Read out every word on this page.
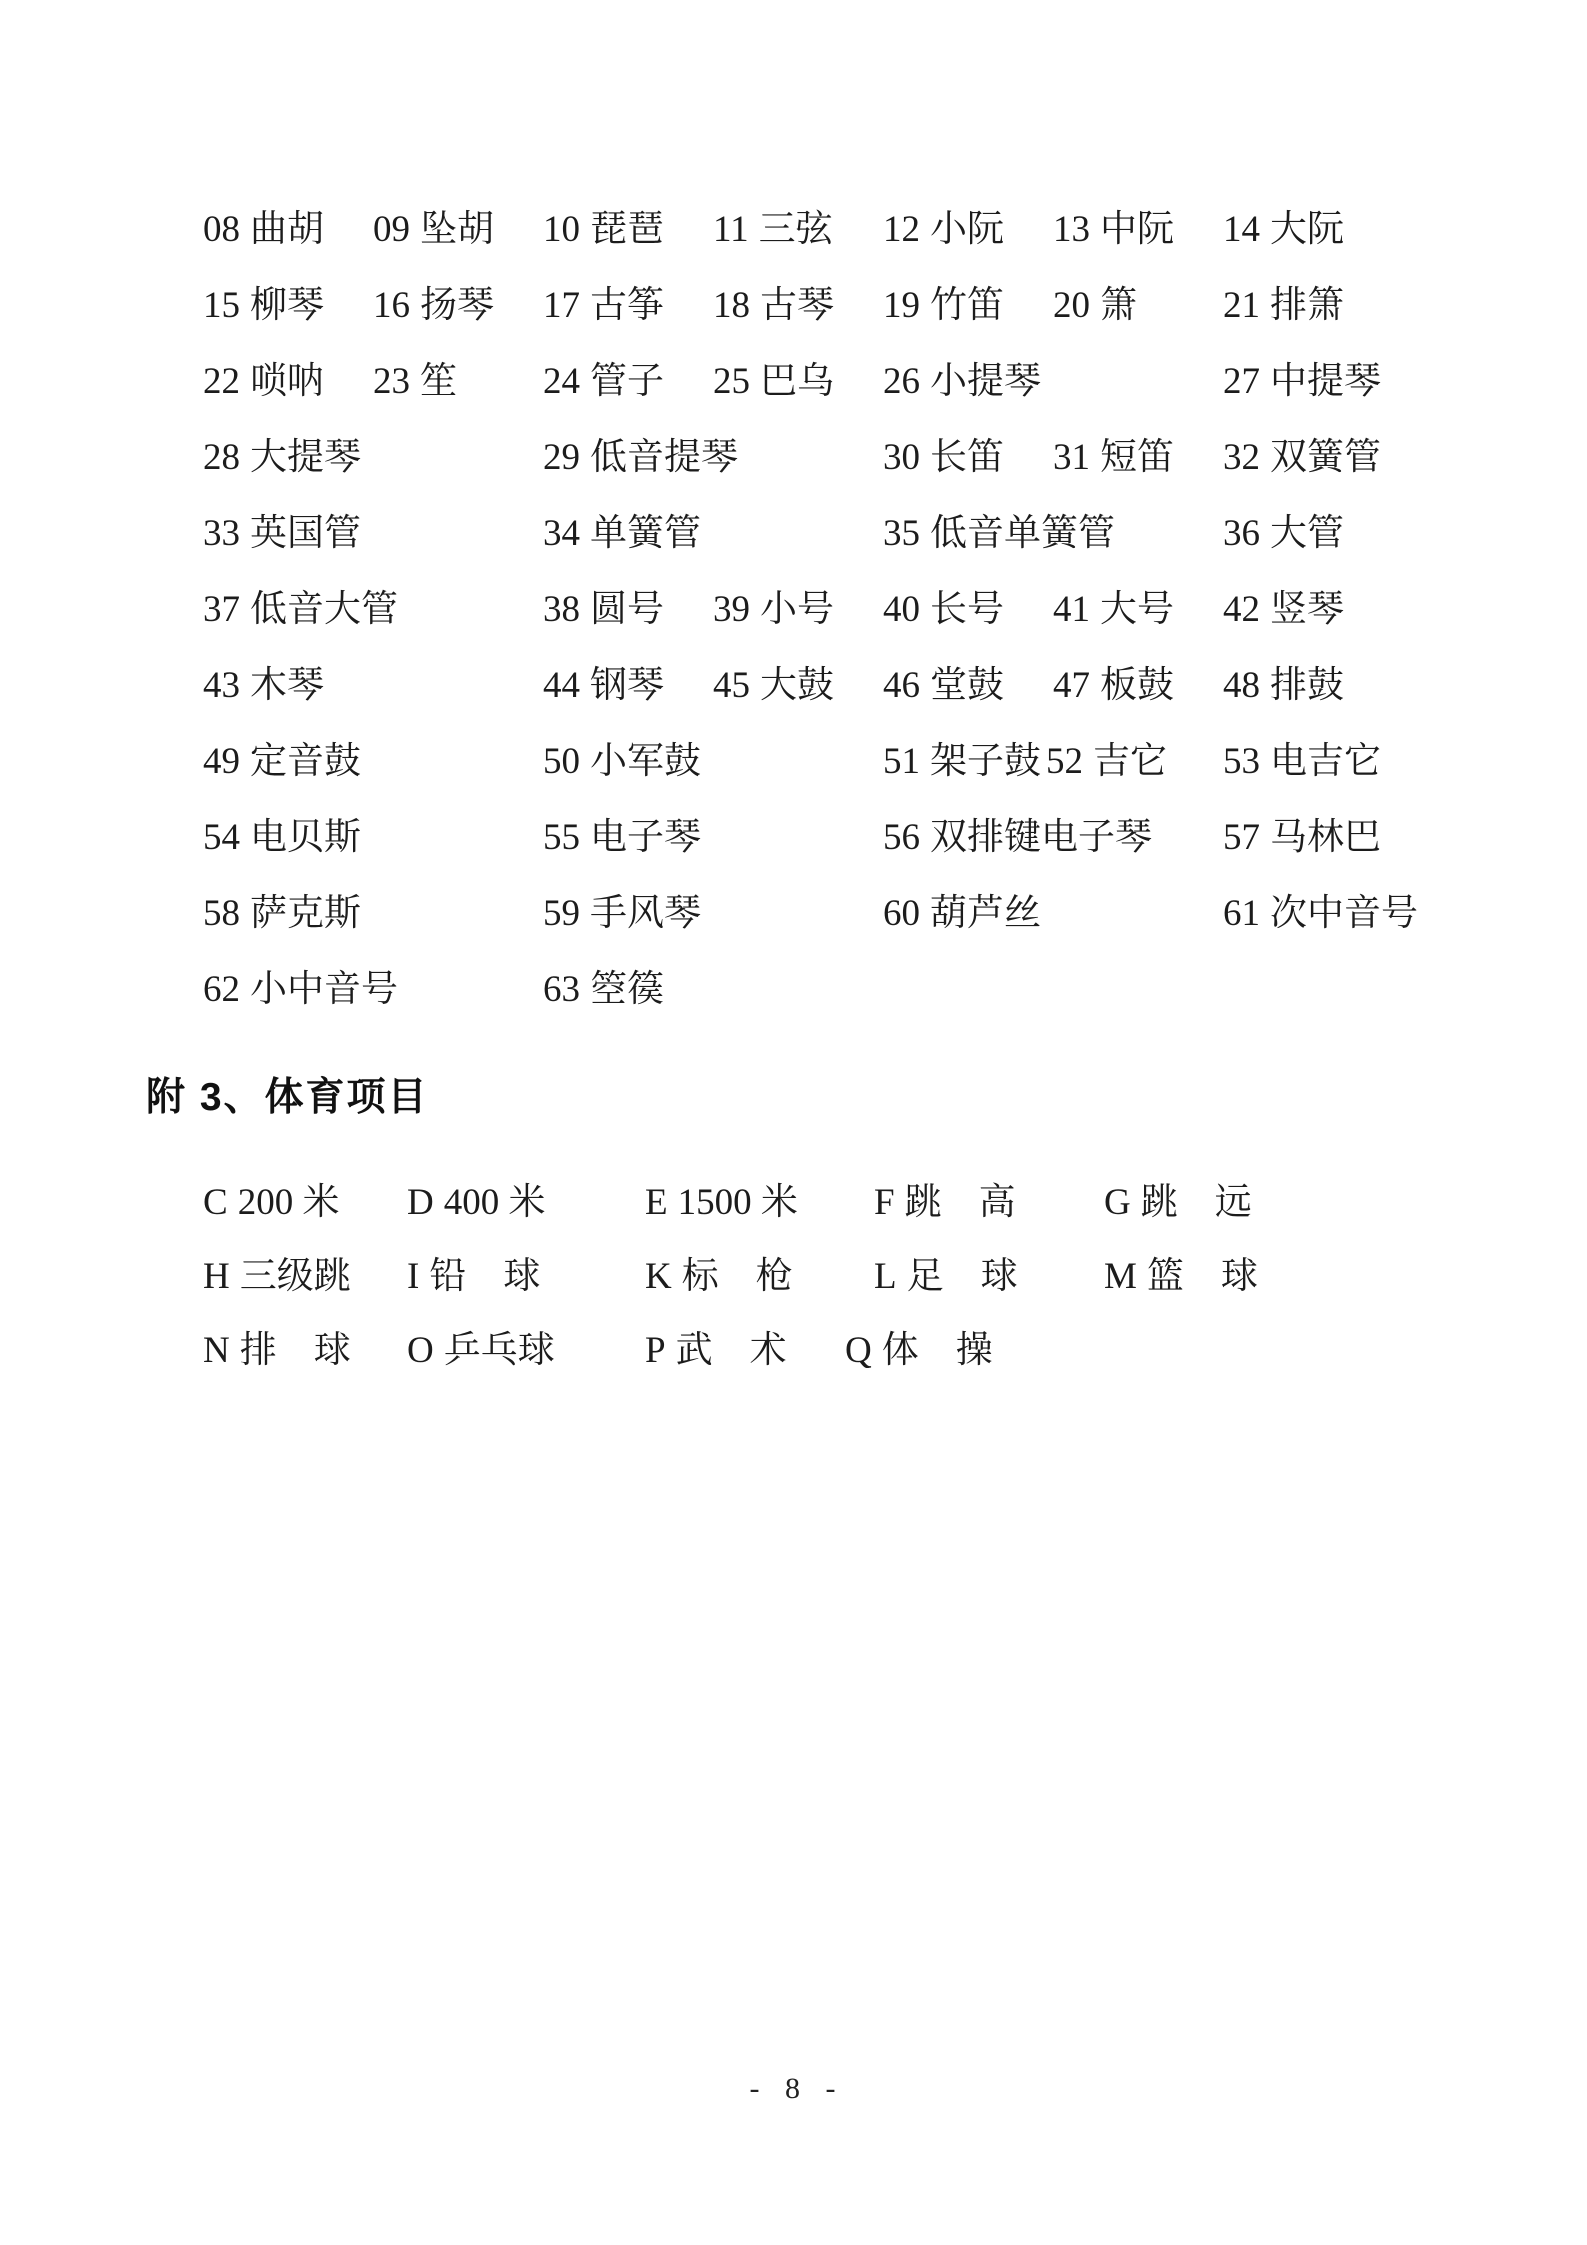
08 曲胡 09 坠胡 10 琵琶 11 三弦 12 小阮 13 中阮 14 大阮
15 柳琴 16 扬琴 17 古筝 18 古琴 19 竹笛 20 箫 21 排箫
22 唢呐 23 笙 24 管子 25 巴乌 26 小提琴	27 中提琴
28 大提琴	29 低音提琴	30 长笛 31 短笛 32 双簧管
33 英国管	34 单簧管	35 低音单簧管	36 大管
37 低音大管	38 圆号 39 小号 40 长号 41 大号 42 竖琴
43 木琴	44 钢琴 45 大鼓 46 堂鼓 47 板鼓 48 排鼓
49 定音鼓	50 小军鼓	51 架子鼓 52 吉它 53 电吉它
54 电贝斯	55 电子琴	56 双排键电子琴 57 马林巴
58 萨克斯	59 手风琴	60 葫芦丝	61 次中音号
62 小中音号	63 箜篌
附 3、体育项目
C 200 米 D 400 米	E 1500 米 F 跳　高 G 跳　远
H 三级跳 I 铅　球	K 标　枪 L 足　球 M 篮　球
N 排　球 O 乒乓球 P 武　术 Q 体　操
- 8 -
